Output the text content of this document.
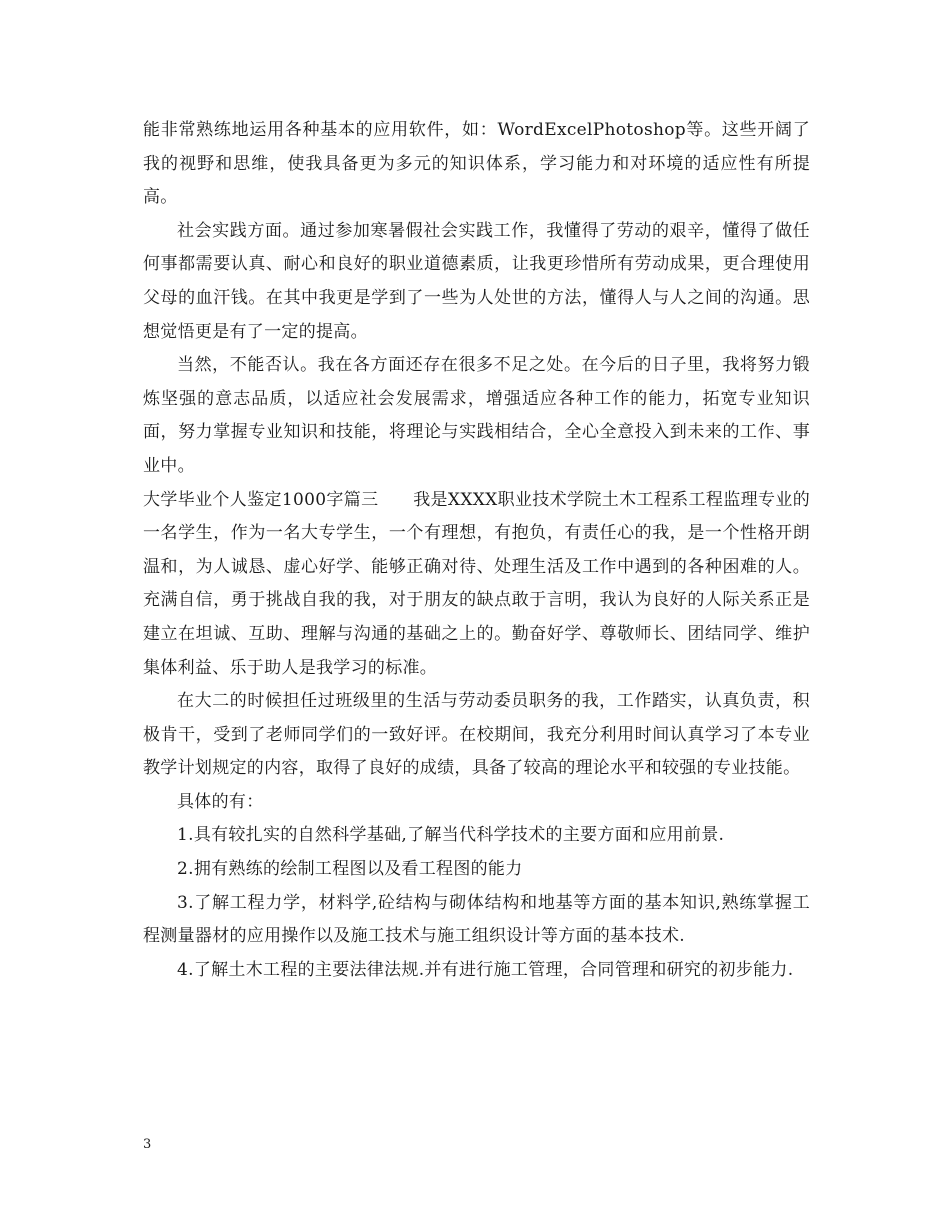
能非常熟练地运用各种基本的应用软件，如：WordExcelPhotoshop等。这些开阔了我的视野和思维，使我具备更为多元的知识体系，学习能力和对环境的适应性有所提高。

社会实践方面。通过参加寒暑假社会实践工作，我懂得了劳动的艰辛，懂得了做任何事都需要认真、耐心和良好的职业道德素质，让我更珍惜所有劳动成果，更合理使用父母的血汗钱。在其中我更是学到了一些为人处世的方法，懂得人与人之间的沟通。思想觉悟更是有了一定的提高。

当然，不能否认。我在各方面还存在很多不足之处。在今后的日子里，我将努力锻炼坚强的意志品质，以适应社会发展需求，增强适应各种工作的能力，拓宽专业知识面，努力掌握专业知识和技能，将理论与实践相结合，全心全意投入到未来的工作、事业中。

大学毕业个人鉴定1000字篇三　　我是XXXX职业技术学院土木工程系工程监理专业的一名学生，作为一名大专学生，一个有理想，有抱负，有责任心的我，是一个性格开朗温和，为人诚恳、虚心好学、能够正确对待、处理生活及工作中遇到的各种困难的人。充满自信，勇于挑战自我的我，对于朋友的缺点敢于言明，我认为良好的人际关系正是建立在坦诚、互助、理解与沟通的基础之上的。勤奋好学、尊敬师长、团结同学、维护集体利益、乐于助人是我学习的标准。

在大二的时候担任过班级里的生活与劳动委员职务的我，工作踏实，认真负责，积极肯干，受到了老师同学们的一致好评。在校期间，我充分利用时间认真学习了本专业教学计划规定的内容，取得了良好的成绩，具备了较高的理论水平和较强的专业技能。

具体的有：

1.具有较扎实的自然科学基础,了解当代科学技术的主要方面和应用前景.

2.拥有熟练的绘制工程图以及看工程图的能力

3.了解工程力学，材料学,砼结构与砌体结构和地基等方面的基本知识,熟练掌握工程测量器材的应用操作以及施工技术与施工组织设计等方面的基本技术.

4.了解土木工程的主要法律法规.并有进行施工管理，合同管理和研究的初步能力.

3
